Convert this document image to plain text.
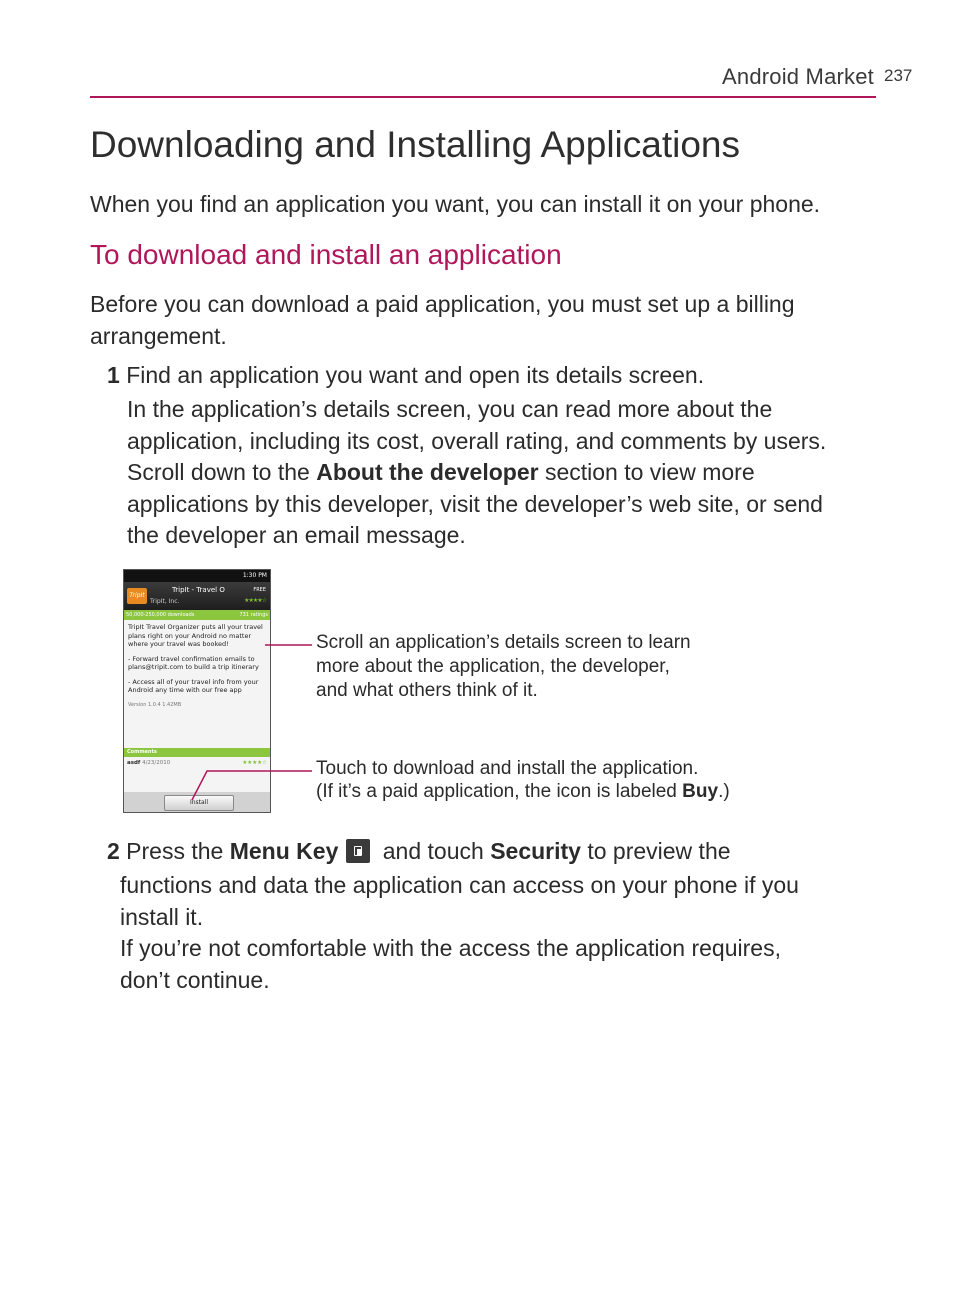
Android Market 237
Downloading and Installing Applications
When you find an application you want, you can install it on your phone.
To download and install an application
Before you can download a paid application, you must set up a billing
arrangement.
1 Find an application you want and open its details screen.
In the application’s details screen, you can read more about the
application, including its cost, overall rating, and comments by users.
Scroll down to the About the developer section to view more
applications by this developer, visit the developer’s web site, or send
the developer an email message.
1:30 PM
TripIt
TripIt - Travel O
TripIt, Inc.
FREE
★★★★☆
50,000-250,000 downloads	731 ratings

TripIt Travel Organizer puts all your travel plans right on your Android no matter where your travel was booked!

- Forward travel confirmation emails to plans@tripit.com to build a trip itinerary

- Access all of your travel info from your Android any time with our free app

Version 1.0.4 1.42MB
Comments
asdf 4/23/2010	★★★★☆
Install
Scroll an application’s details screen to learn
more about the application, the developer,
and what others think of it.
Touch to download and install the application.
(If it’s a paid application, the icon is labeled Buy.)
2 Press the Menu Key and touch Security to preview the
functions and data the application can access on your phone if you
install it.
If you’re not comfortable with the access the application requires,
don’t continue.
